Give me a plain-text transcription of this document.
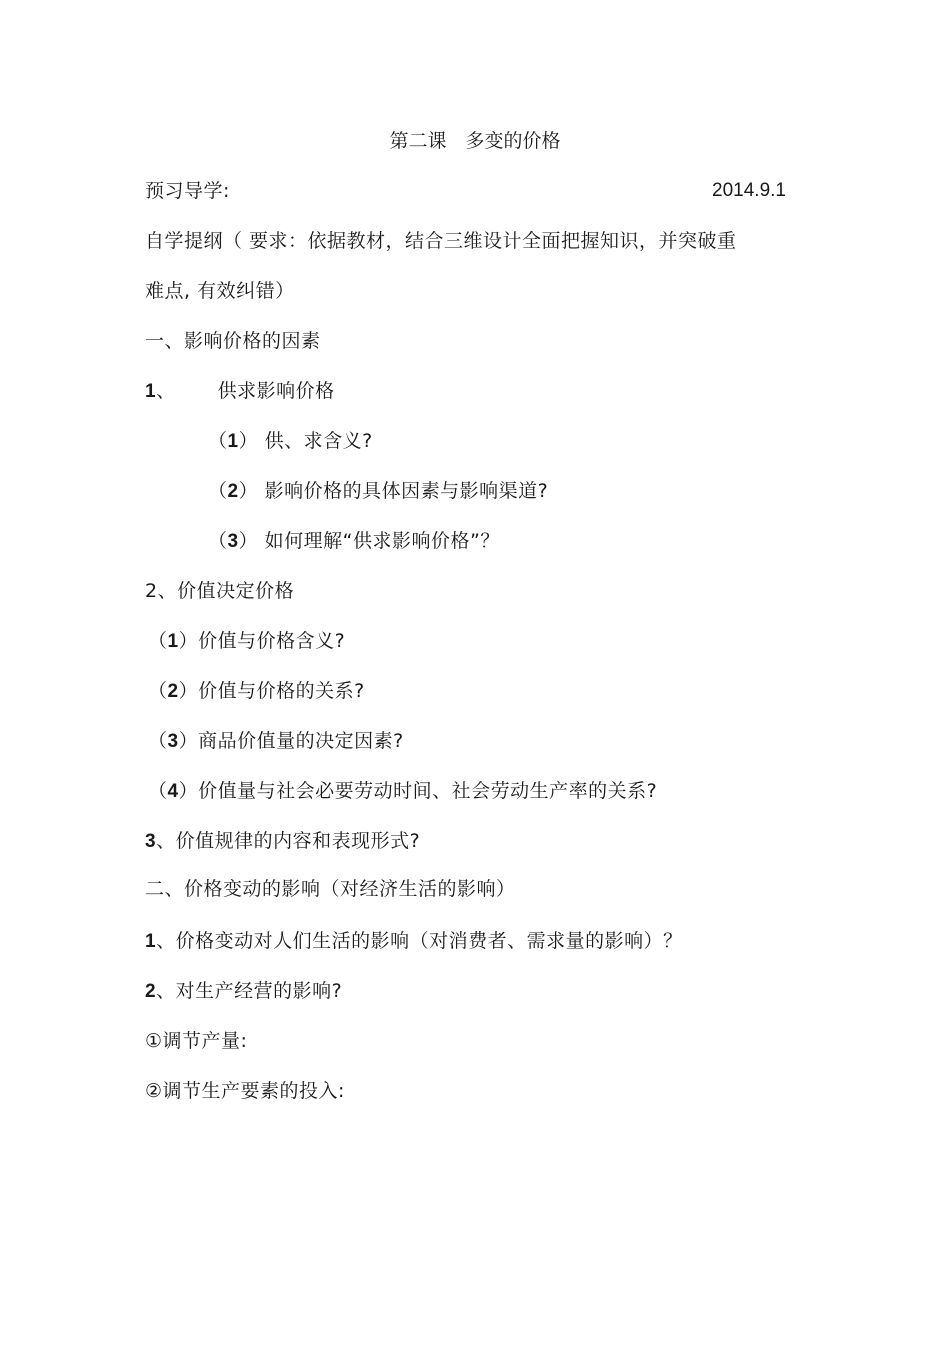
第二课　多变的价格
预习导学:	2014.9.1
自学提纲（ 要求：依据教材，结合三维设计全面把握知识，并突破重
难点, 有效纠错）
一、影响价格的因素
1、 供求影响价格
（1） 供、求含义?
（2） 影响价格的具体因素与影响渠道?
（3） 如何理解“供求影响价格”？
2、价值决定价格
（1）价值与价格含义?
（2）价值与价格的关系?
（3）商品价值量的决定因素?
（4）价值量与社会必要劳动时间、社会劳动生产率的关系?
3、价值规律的内容和表现形式?
二、价格变动的影响（对经济生活的影响）
1、价格变动对人们生活的影响（对消费者、需求量的影响）？
2、对生产经营的影响?
①调节产量:
②调节生产要素的投入:
